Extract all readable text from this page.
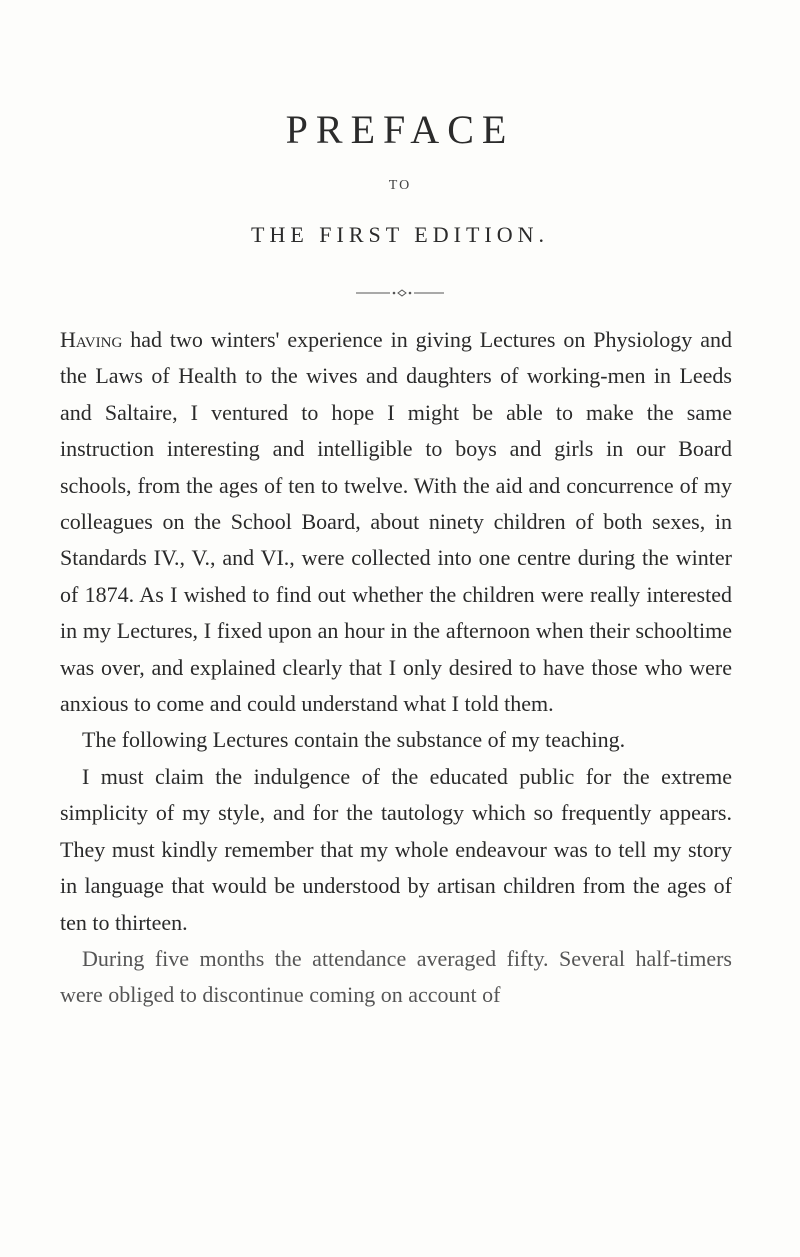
PREFACE
TO
THE FIRST EDITION.

Having had two winters' experience in giving Lectures on Physiology and the Laws of Health to the wives and daughters of working-men in Leeds and Saltaire, I ventured to hope I might be able to make the same instruction interesting and intelligible to boys and girls in our Board schools, from the ages of ten to twelve. With the aid and concurrence of my colleagues on the School Board, about ninety children of both sexes, in Standards IV., V., and VI., were collected into one centre during the winter of 1874. As I wished to find out whether the children were really interested in my Lectures, I fixed upon an hour in the afternoon when their schooltime was over, and explained clearly that I only desired to have those who were anxious to come and could understand what I told them.

The following Lectures contain the substance of my teaching.

I must claim the indulgence of the educated public for the extreme simplicity of my style, and for the tautology which so frequently appears. They must kindly remember that my whole endeavour was to tell my story in language that would be understood by artisan children from the ages of ten to thirteen.

During five months the attendance averaged fifty. Several half-timers were obliged to discontinue coming on account of
